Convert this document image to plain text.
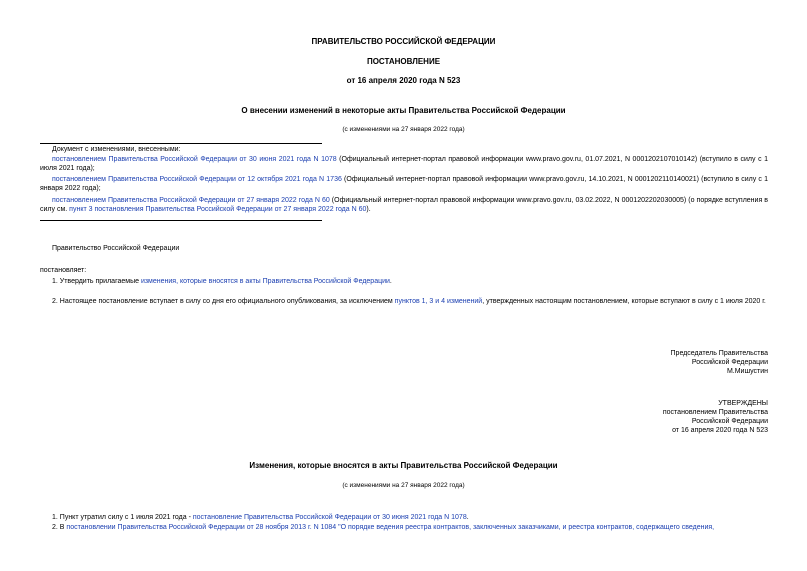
ПРАВИТЕЛЬСТВО РОССИЙСКОЙ ФЕДЕРАЦИИ
ПОСТАНОВЛЕНИЕ
от 16 апреля 2020 года N 523
О внесении изменений в некоторые акты Правительства Российской Федерации
(с изменениями на 27 января 2022 года)
Документ с изменениями, внесенными:
постановлением Правительства Российской Федерации от 30 июня 2021 года N 1078 (Официальный интернет-портал правовой информации www.pravo.gov.ru, 01.07.2021, N 0001202107010142) (вступило в силу с 1 июля 2021 года);
постановлением Правительства Российской Федерации от 12 октября 2021 года N 1736 (Официальный интернет-портал правовой информации www.pravo.gov.ru, 14.10.2021, N 0001202110140021) (вступило в силу с 1 января 2022 года);
постановлением Правительства Российской Федерации от 27 января 2022 года N 60 (Официальный интернет-портал правовой информации www.pravo.gov.ru, 03.02.2022, N 0001202202030005) (о порядке вступления в силу см. пункт 3 постановления Правительства Российской Федерации от 27 января 2022 года N 60).
Правительство Российской Федерации
постановляет:
1. Утвердить прилагаемые изменения, которые вносятся в акты Правительства Российской Федерации.
2. Настоящее постановление вступает в силу со дня его официального опубликования, за исключением пунктов 1, 3 и 4 изменений, утвержденных настоящим постановлением, которые вступают в силу с 1 июля 2020 г.
Председатель Правительства
Российской Федерации
М.Мишустин
УТВЕРЖДЕНЫ
постановлением Правительства
Российской Федерации
от 16 апреля 2020 года N 523
Изменения, которые вносятся в акты Правительства Российской Федерации
(с изменениями на 27 января 2022 года)
1. Пункт утратил силу с 1 июля 2021 года - постановление Правительства Российской Федерации от 30 июня 2021 года N 1078.
2. В постановлении Правительства Российской Федерации от 28 ноября 2013 г. N 1084 "О порядке ведения реестра контрактов, заключенных заказчиками, и реестра контрактов, содержащего сведения,
